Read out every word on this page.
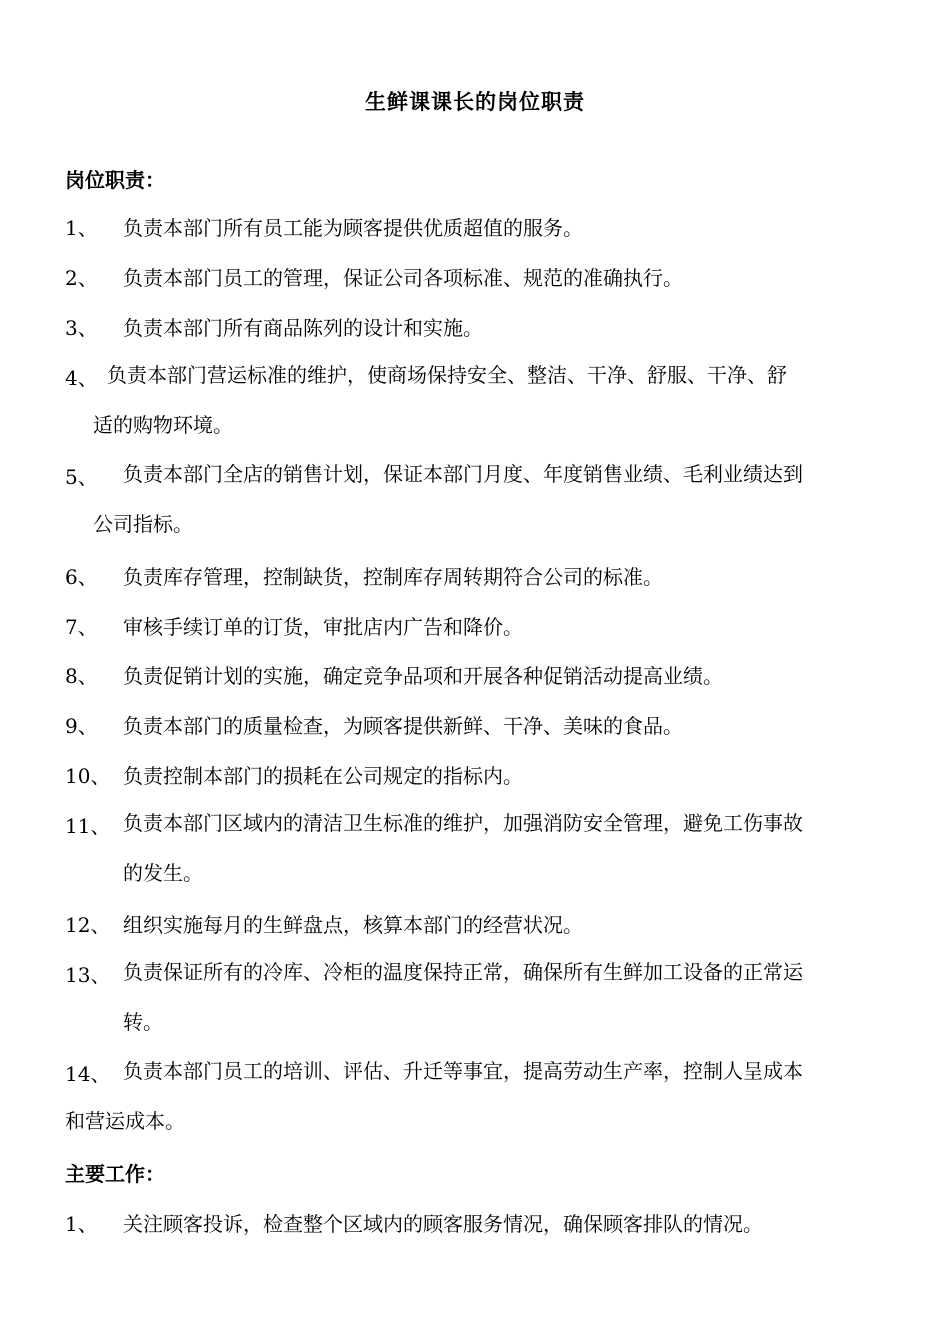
生鲜课课长的岗位职责
岗位职责：
1、 负责本部门所有员工能为顾客提供优质超值的服务。
2、 负责本部门员工的管理，保证公司各项标准、规范的准确执行。
3、 负责本部门所有商品陈列的设计和实施。
4、 负责本部门营运标准的维护，使商场保持安全、整洁、干净、舒服、干净、舒
适的购物环境。
5、 负责本部门全店的销售计划，保证本部门月度、年度销售业绩、毛利业绩达到
公司指标。
6、 负责库存管理，控制缺货，控制库存周转期符合公司的标准。
7、 审核手续订单的订货，审批店内广告和降价。
8、 负责促销计划的实施，确定竞争品项和开展各种促销活动提高业绩。
9、 负责本部门的质量检查，为顾客提供新鲜、干净、美味的食品。
10、 负责控制本部门的损耗在公司规定的指标内。
11、 负责本部门区域内的清洁卫生标准的维护，加强消防安全管理，避免工伤事故
的发生。
12、 组织实施每月的生鲜盘点，核算本部门的经营状况。
13、 负责保证所有的冷库、冷柜的温度保持正常，确保所有生鲜加工设备的正常运
转。
14、 负责本部门员工的培训、评估、升迁等事宜，提高劳动生产率，控制人呈成本
和营运成本。
主要工作：
1、 关注顾客投诉，检查整个区域内的顾客服务情况，确保顾客排队的情况。
